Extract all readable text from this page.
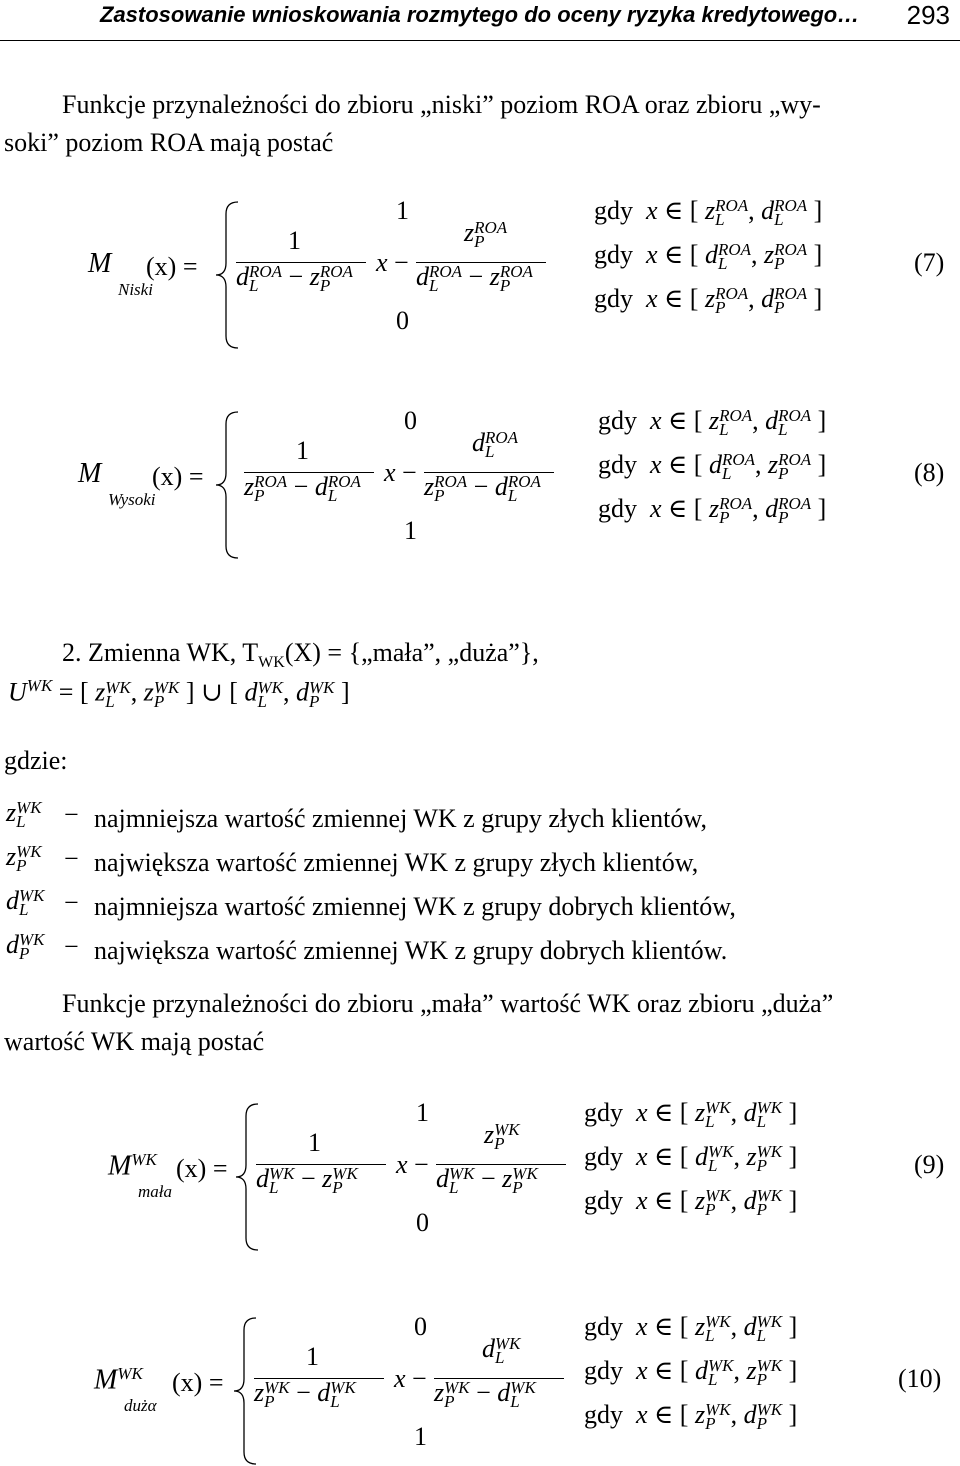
Zastosowanie wnioskowania rozmytego do oceny ryzyka kredytowego… 293
Funkcje przynależności do zbioru „niski” poziom ROA oraz zbioru „wy-
soki” poziom ROA mają postać
M
Niski
(x) =
1
0
1
d ROA
L − z ROA
P
x −
z ROA
P
d ROA
L − z ROA
P
gdy  x ∈ [ z ROA
L , d ROA
L ]
gdy  x ∈ [ d ROA
L , z ROA
P ]
gdy  x ∈ [ z ROA
P , d ROA
P ]
(7)
M
Wysoki
(x) =
0
1
1
z ROA
P − d ROA
L
x −
d ROA
L
z ROA
P − d ROA
L
gdy  x ∈ [ z ROA
L , d ROA
L ]
gdy  x ∈ [ d ROA
L , z ROA
P ]
gdy  x ∈ [ z ROA
P , d ROA
P ]
(8)
2. Zmienna WK, $T_{WK}(X)$ = {„mała”, „duża”},
$U^{WK}$ = [ z WK
L , z WK
P ] ∪ [ d WK
L , d WK
P ]
gdzie:
z WK
L	− najmniejsza wartość zmiennej WK z grupy złych klientów,
z WK
P	− największa wartość zmiennej WK z grupy złych klientów,
d WK
L	− najmniejsza wartość zmiennej WK z grupy dobrych klientów,
d WK
P	− największa wartość zmiennej WK z grupy dobrych klientów.
Funkcje przynależności do zbioru „mała” wartość WK oraz zbioru „duża”
wartość WK mają postać
$M^{WK}$
mała
(x) =
1
0
1
d WK
L − z WK
P
x −
z WK
P
d WK
L − z WK
P
gdy  x ∈ [ z WK
L , d WK
L ]
gdy  x ∈ [ d WK
L , z WK
P ]
gdy  x ∈ [ z WK
P , d WK
P ]
(9)
$M^{WK}$
dużα
(x) =
0
1
1
z WK
P − d WK
L
x −
d WK
L
z WK
P − d WK
L
gdy  x ∈ [ z WK
L , d WK
L ]
gdy  x ∈ [ d WK
L , z WK
P ]
gdy  x ∈ [ z WK
P , d WK
P ]
(10)
